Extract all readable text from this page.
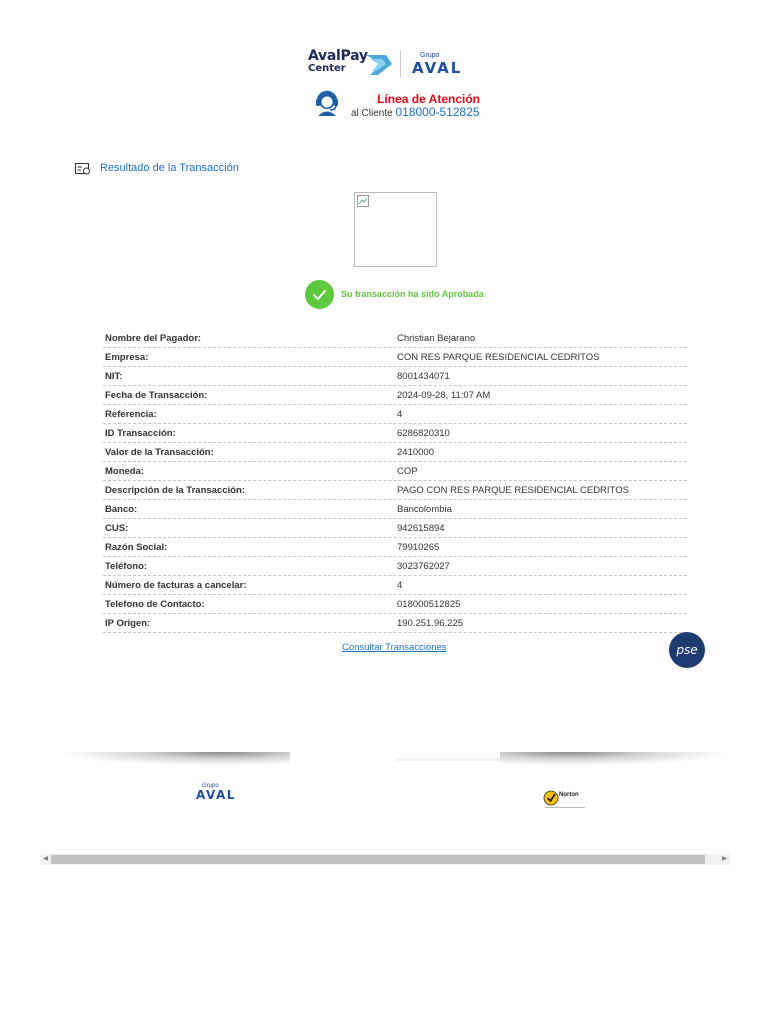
AvalPay
Center
Grupo
AVAL
Línea de Atención
al Cliente 018000-512825
Resultado de la Transacción
Su transacción ha sido Aprobada
Nombre del Pagador:	Christian Bejarano
Empresa:	CON RES PARQUE RESIDENCIAL CEDRITOS
NIT:	8001434071
Fecha de Transacción:	2024-09-28, 11:07 AM
Referencia:	4
ID Transacción:	6286820310
Valor de la Transacción:	2410000
Moneda:	COP
Descripción de la Transacción:	PAGO CON RES PARQUE RESIDENCIAL CEDRITOS
Banco:	Bancolombia
CUS:	942615894
Razón Social:	79910265
Teléfono:	3023762027
Número de facturas a cancelar:	4
Telefono de Contacto:	018000512825
IP Origen:	190.251.96.225
Consultar Transacciones	pse
Grupo
AVAL	Norton
◀	▶
